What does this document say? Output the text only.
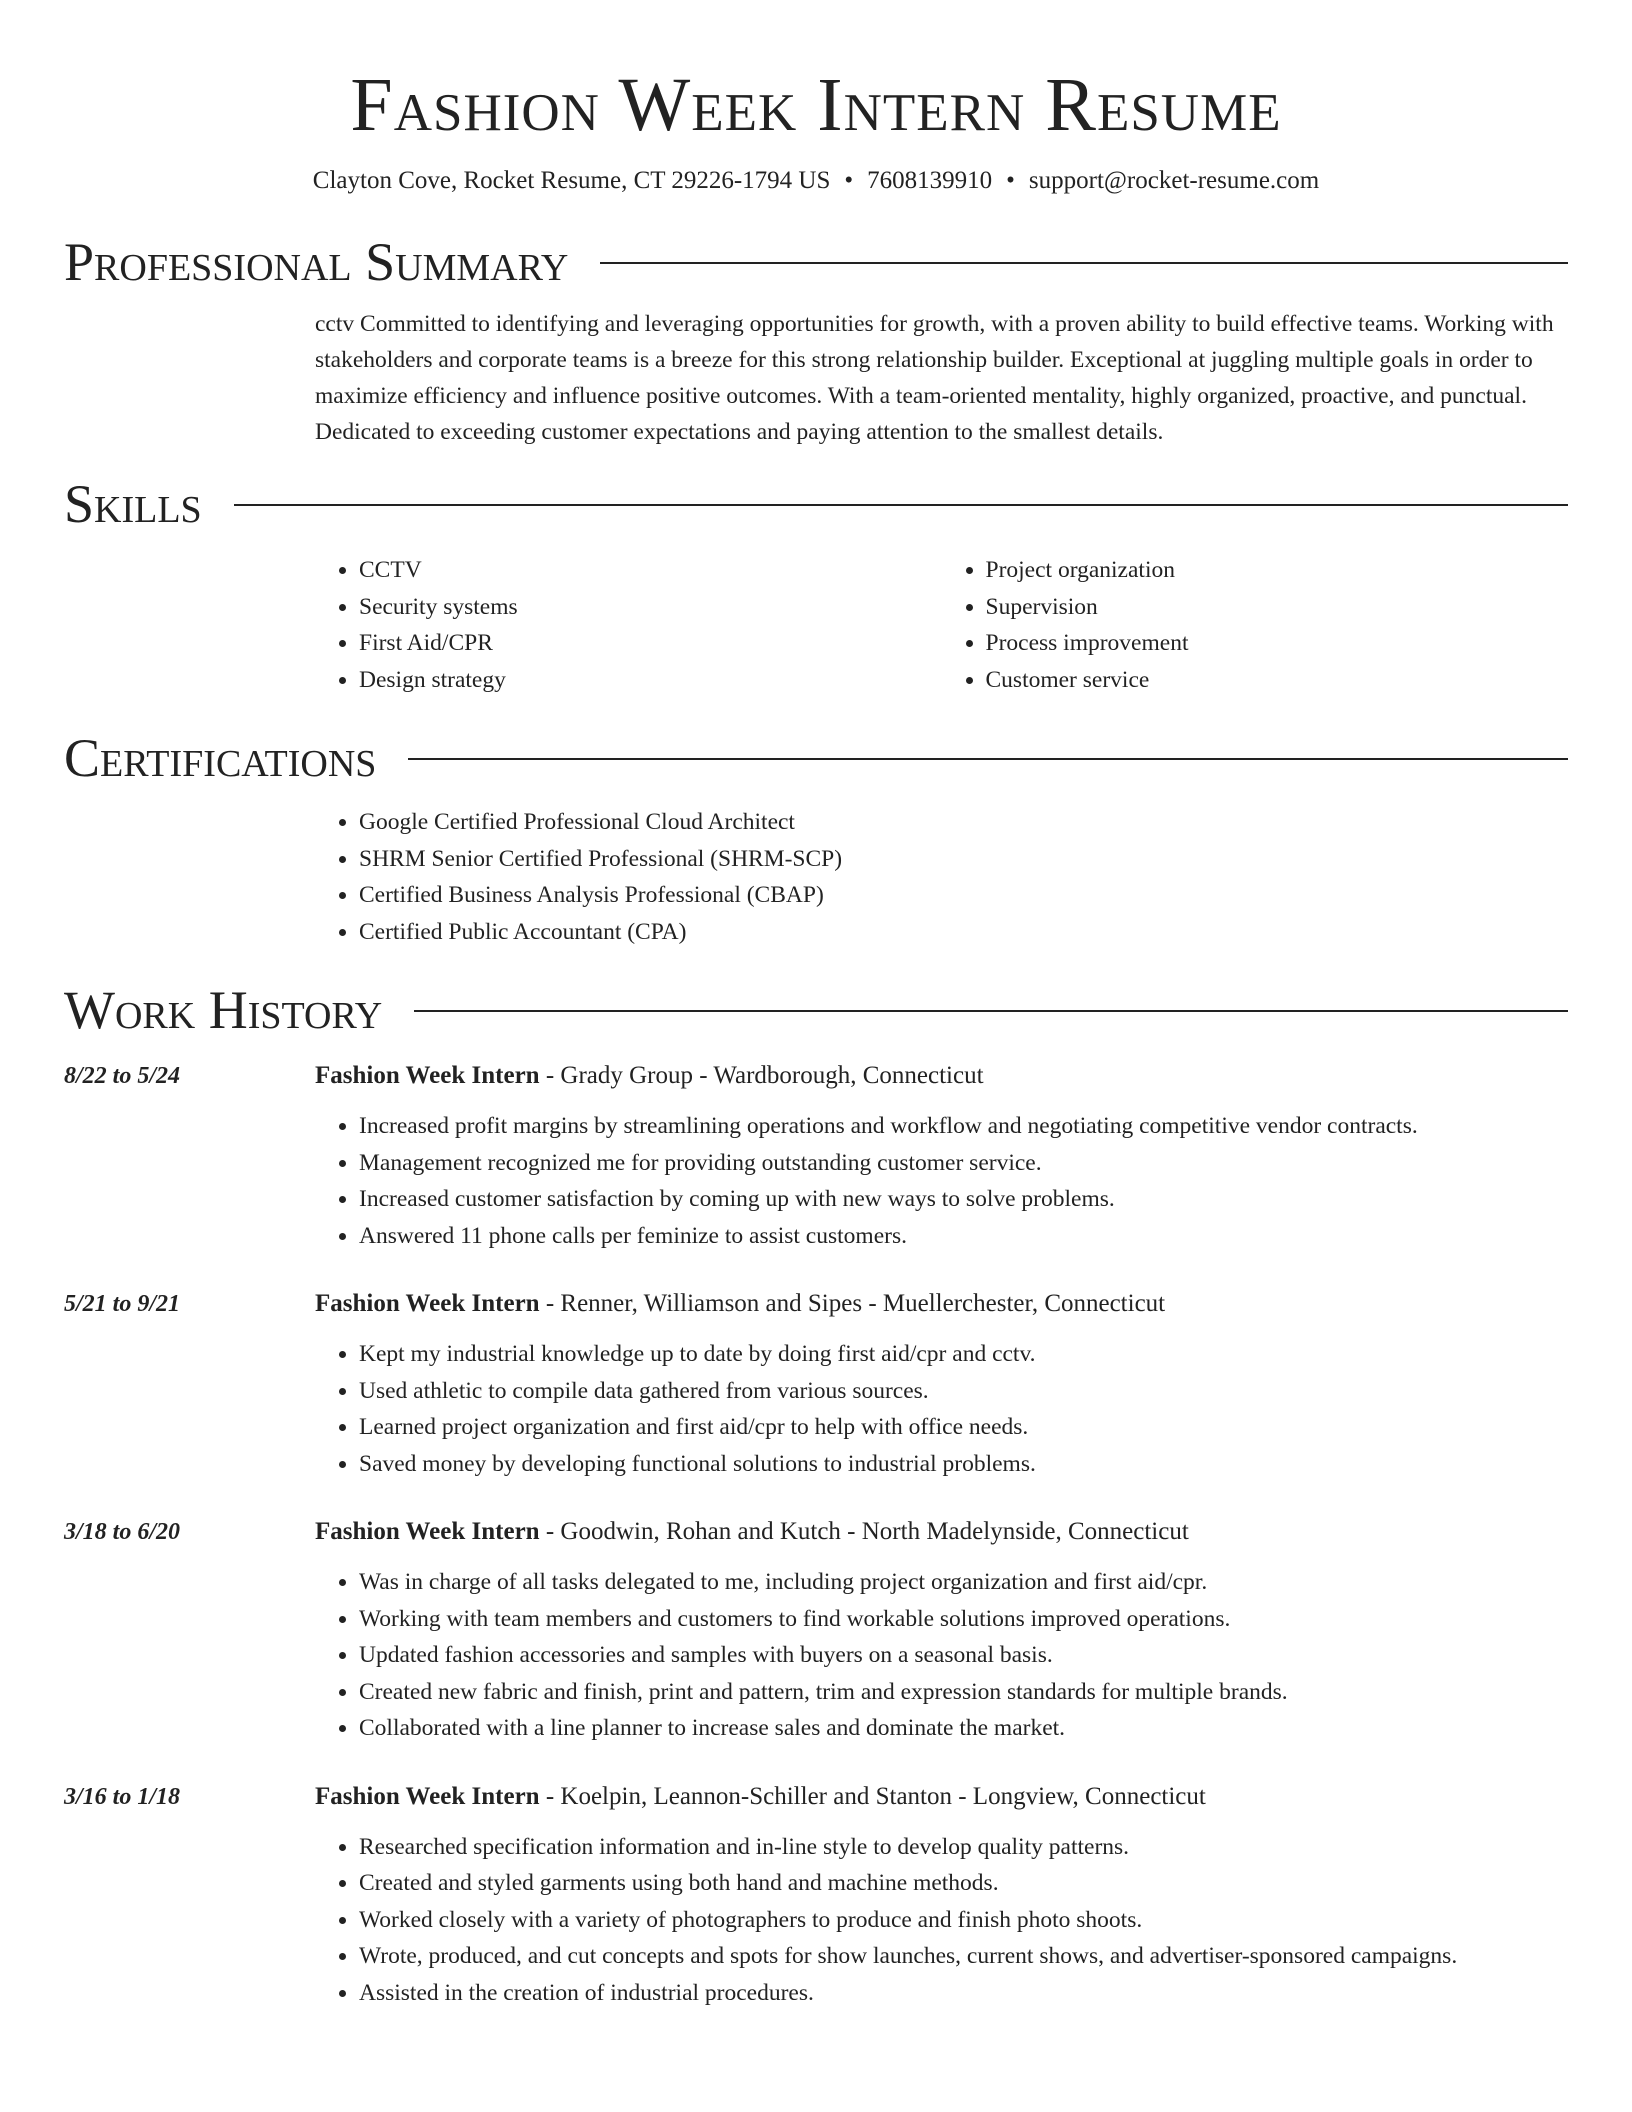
Fashion Week Intern Resume
Clayton Cove, Rocket Resume, CT 29226-1794 US • 7608139910 • support@rocket-resume.com
Professional Summary

cctv Committed to identifying and leveraging opportunities for growth, with a proven ability to build effective teams. Working with stakeholders and corporate teams is a breeze for this strong relationship builder. Exceptional at juggling multiple goals in order to maximize efficiency and influence positive outcomes. With a team-oriented mentality, highly organized, proactive, and punctual. Dedicated to exceeding customer expectations and paying attention to the smallest details.

Skills
• CCTV
• Security systems
• First Aid/CPR
• Design strategy
• Project organization
• Supervision
• Process improvement
• Customer service
Certifications
• Google Certified Professional Cloud Architect
• SHRM Senior Certified Professional (SHRM-SCP)
• Certified Business Analysis Professional (CBAP)
• Certified Public Accountant (CPA)
Work History
8/22 to 5/24	Fashion Week Intern - Grady Group - Wardborough, Connecticut
• Increased profit margins by streamlining operations and workflow and negotiating competitive vendor contracts.
• Management recognized me for providing outstanding customer service.
• Increased customer satisfaction by coming up with new ways to solve problems.
• Answered 11 phone calls per feminize to assist customers.
5/21 to 9/21	Fashion Week Intern - Renner, Williamson and Sipes - Muellerchester, Connecticut
• Kept my industrial knowledge up to date by doing first aid/cpr and cctv.
• Used athletic to compile data gathered from various sources.
• Learned project organization and first aid/cpr to help with office needs.
• Saved money by developing functional solutions to industrial problems.
3/18 to 6/20	Fashion Week Intern - Goodwin, Rohan and Kutch - North Madelynside, Connecticut
• Was in charge of all tasks delegated to me, including project organization and first aid/cpr.
• Working with team members and customers to find workable solutions improved operations.
• Updated fashion accessories and samples with buyers on a seasonal basis.
• Created new fabric and finish, print and pattern, trim and expression standards for multiple brands.
• Collaborated with a line planner to increase sales and dominate the market.
3/16 to 1/18	Fashion Week Intern - Koelpin, Leannon-Schiller and Stanton - Longview, Connecticut
• Researched specification information and in-line style to develop quality patterns.
• Created and styled garments using both hand and machine methods.
• Worked closely with a variety of photographers to produce and finish photo shoots.
• Wrote, produced, and cut concepts and spots for show launches, current shows, and advertiser-sponsored campaigns.
• Assisted in the creation of industrial procedures.
